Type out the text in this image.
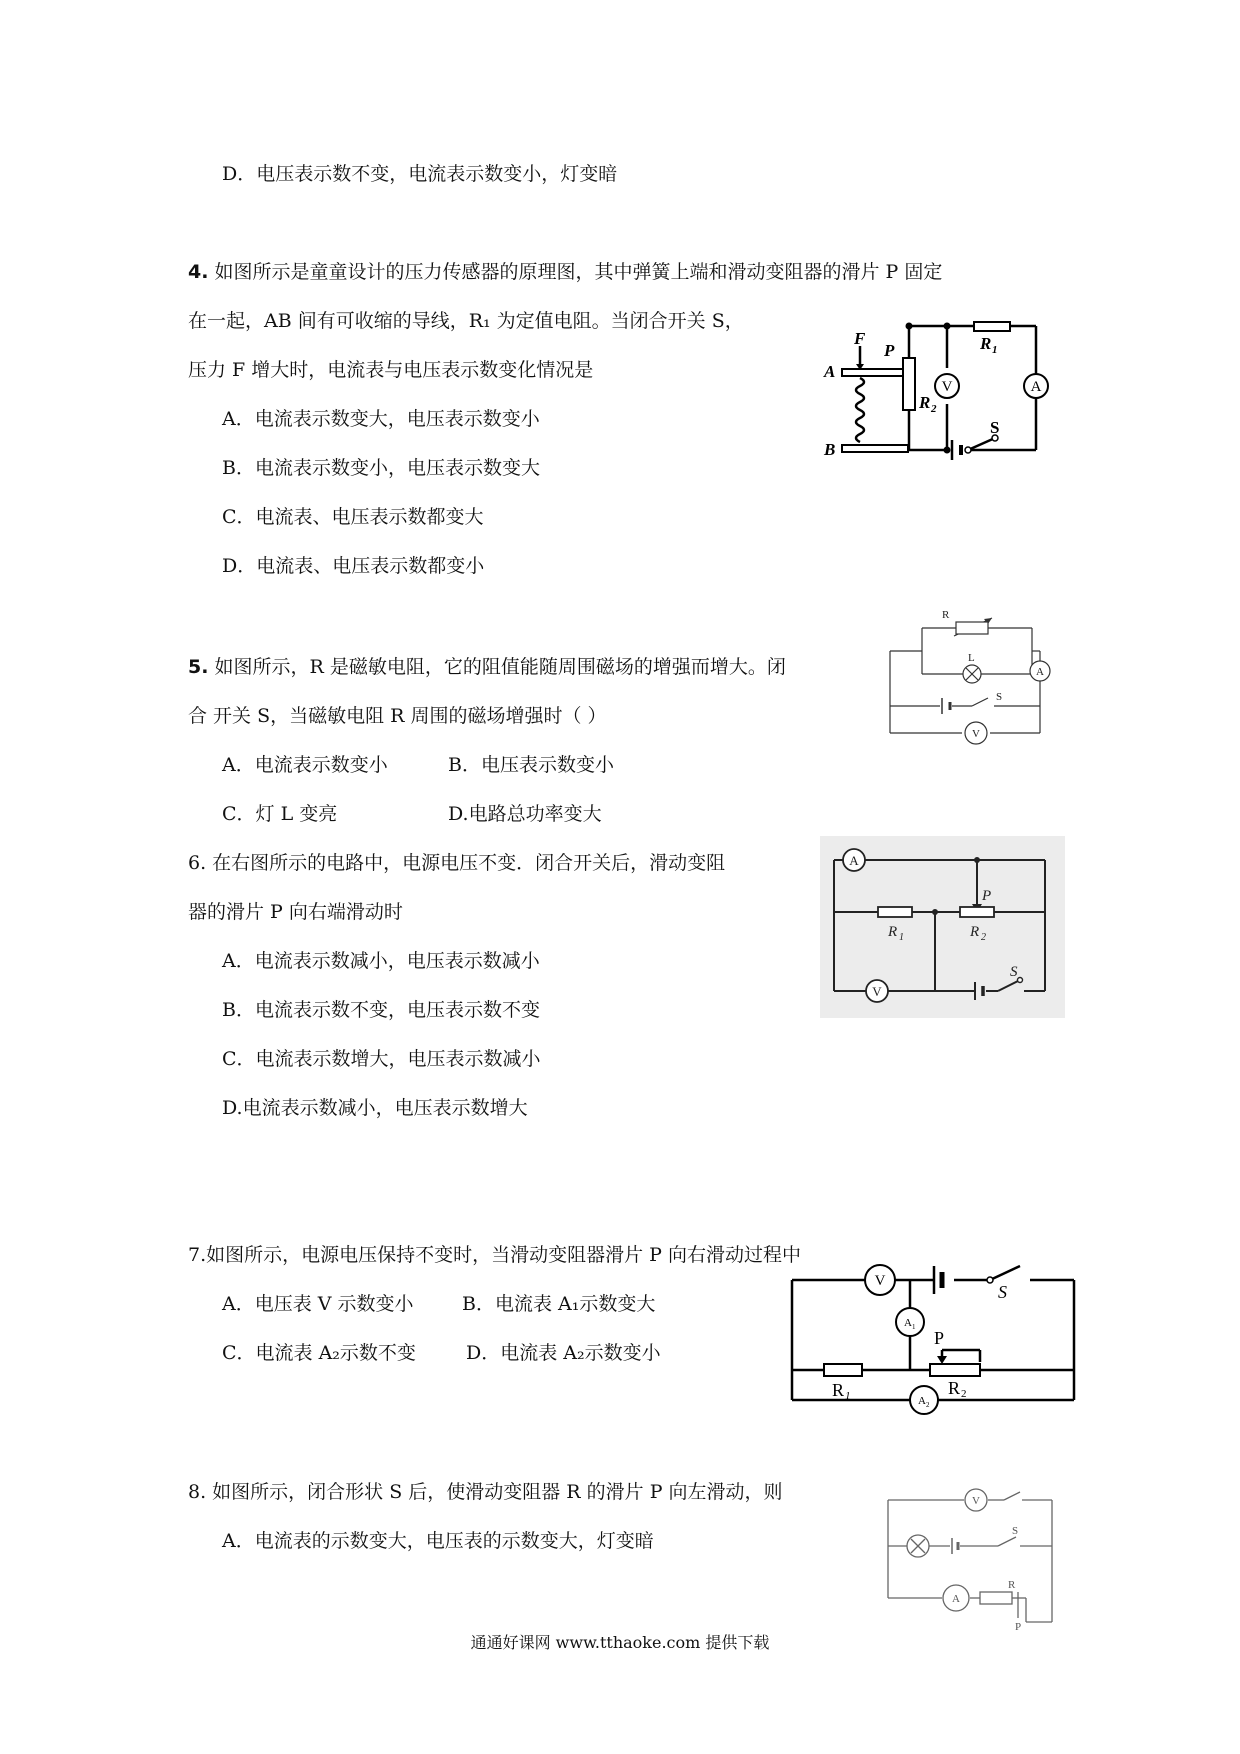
D．电压表示数不变，电流表示数变小，灯变暗
4. 如图所示是童童设计的压力传感器的原理图，其中弹簧上端和滑动变阻器的滑片 P 固定
在一起，AB 间有可收缩的导线，R₁ 为定值电阻。当闭合开关 S，
压力 F 增大时，电流表与电压表示数变化情况是
A．电流表示数变大，电压表示数变小
B．电流表示数变小，电压表示数变大
C．电流表、电压表示数都变大
D．电流表、电压表示数都变小
F
P
A
B
R 1
R 2
S
V	A
5. 如图所示，R 是磁敏电阻，它的阻值能随周围磁场的增强而增大。闭
合 开关 S，当磁敏电阻 R 周围的磁场增强时（ ）
A．电流表示数变小	B．电压表示数变小
C．灯 L 变亮	D.电路总功率变大
R
L
S
A
V
6. 在右图所示的电路中，电源电压不变．闭合开关后，滑动变阻
器的滑片 P 向右端滑动时
A．电流表示数减小，电压表示数减小
B．电流表示数不变，电压表示数不变
C．电流表示数增大，电压表示数减小
D.电流表示数减小，电压表示数增大
A
V
P
R 1	R 2
S
7.如图所示，电源电压保持不变时，当滑动变阻器滑片 P 向右滑动过程中
A．电压表 V 示数变小	B．电流表 A₁示数变大
C．电流表 A₂示数不变	D．电流表 A₂示数变小
V
A 1
A 2
S
P
R 1	R 2
8. 如图所示，闭合形状 S 后，使滑动变阻器 R 的滑片 P 向左滑动，则
A．电流表的示数变大，电压表的示数变大，灯变暗
V
S
A
R
P
通通好课网 www.tthaoke.com 提供下载
